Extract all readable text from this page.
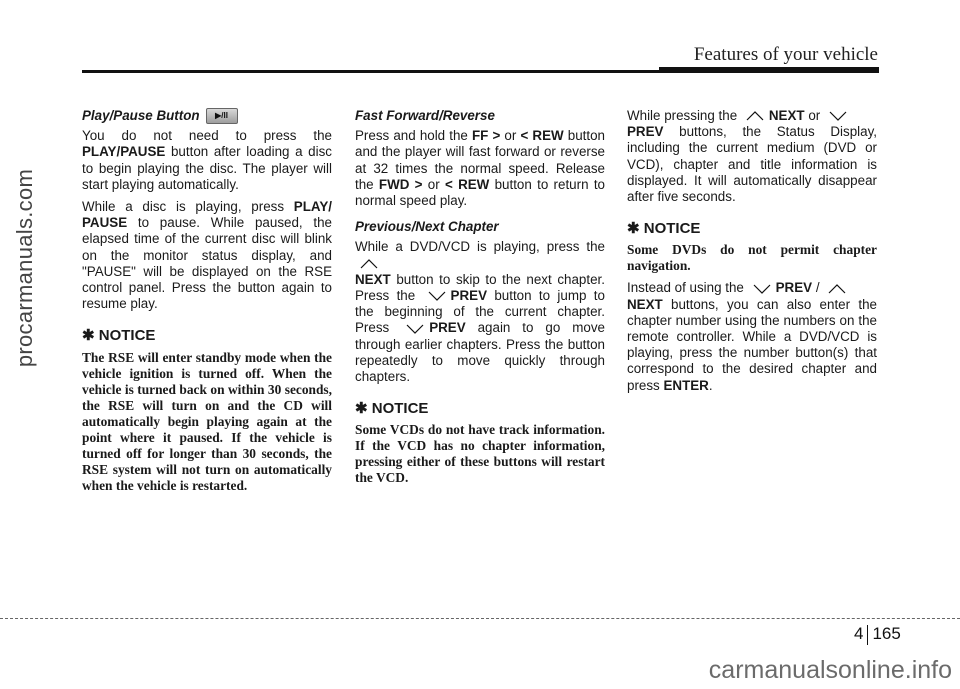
procarmanuals.com
Features of your vehicle
Play/Pause Button	▶/II

You do not need to press the PLAY/PAUSE button after loading a disc to begin playing the disc. The player will start playing automatically.

While a disc is playing, press PLAY/ PAUSE to pause. While paused, the elapsed time of the current disc will blink on the monitor status display, and "PAUSE" will be displayed on the RSE control panel. Press the button again to resume play.

✱ NOTICE

The RSE will enter standby mode when the vehicle ignition is turned off. When the vehicle is turned back on within 30 seconds, the RSE will turn on and the CD will automatically begin playing again at the point where it paused. If the vehicle is turned off for longer than 30 seconds, the RSE system will not turn on automatically when the vehicle is restarted.

Fast Forward/Reverse

Press and hold the FF > or < REW button and the player will fast forward or reverse at 32 times the normal speed. Release the FWD > or < REW button to return to normal speed play.

Previous/Next Chapter

While a DVD/VCD is playing, press the

NEXT button to skip to the next chapter. Press the	PREV button to jump to the beginning of the current chapter. Press	PREV again to go move through earlier chapters. Press the button repeatedly to move quickly through chapters.

✱ NOTICE

Some VCDs do not have track information. If the VCD has no chapter information, pressing either of these buttons will restart the VCD.

While pressing the NEXT or

PREV buttons, the Status Display, including the current medium (DVD or VCD), chapter and title information is displayed. It will automatically disappear after five seconds.

✱ NOTICE

Some DVDs do not permit chapter navigation.

Instead of using the PREV /

NEXT buttons, you can also enter the chapter number using the numbers on the remote controller. While a DVD/VCD is playing, press the number button(s) that correspond to the desired chapter and press ENTER.

4 165
carmanualsonline.info
